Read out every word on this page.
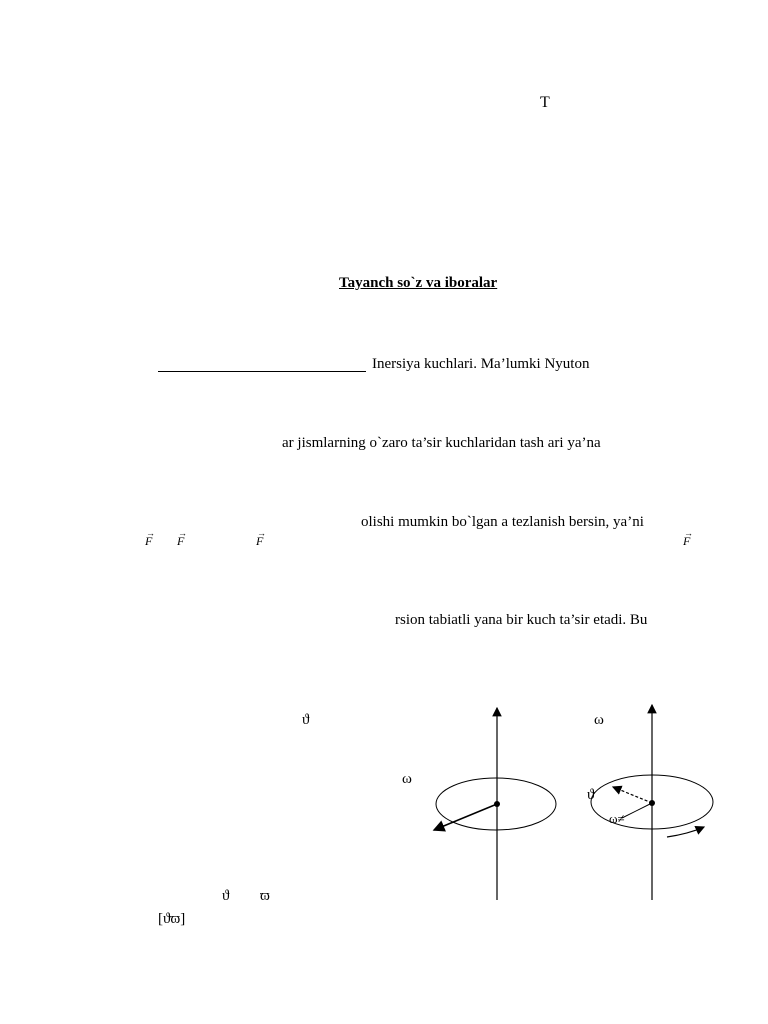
T
Tayanch so`z va iboralar
Inersiya kuchlari. Ma’lumki Nyuton
ar jismlarning o`zaro ta’sir kuchlaridan tash ari ya’na
olishi mumkin bo`lgan a tezlanish bersin, ya’ni
→
F
→
F
→
F
→
F
rsion tabiatli yana bir kuch ta’sir etadi. Bu
ϑ
ω
ϑ ϖ
[ϑϖ]
ω
ϑ
ω≠
